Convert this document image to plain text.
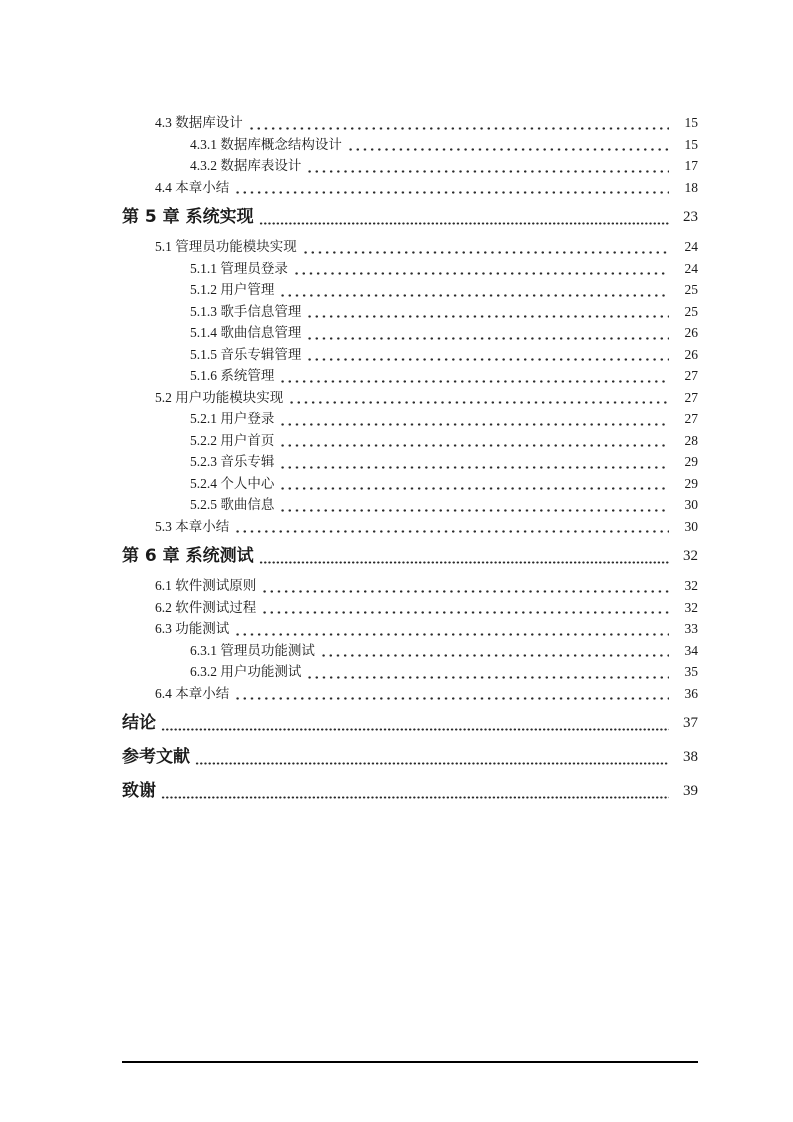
4.3 数据库设计	15
4.3.1 数据库概念结构设计	15
4.3.2 数据库表设计	17
4.4 本章小结	18
第 5 章 系统实现	23
5.1 管理员功能模块实现	24
5.1.1 管理员登录	24
5.1.2 用户管理	25
5.1.3 歌手信息管理	25
5.1.4 歌曲信息管理	26
5.1.5 音乐专辑管理	26
5.1.6 系统管理	27
5.2 用户功能模块实现	27
5.2.1 用户登录	27
5.2.2 用户首页	28
5.2.3 音乐专辑	29
5.2.4 个人中心	29
5.2.5 歌曲信息	30
5.3 本章小结	30
第 6 章 系统测试	32
6.1 软件测试原则	32
6.2 软件测试过程	32
6.3 功能测试	33
6.3.1 管理员功能测试	34
6.3.2 用户功能测试	35
6.4 本章小结	36
结论	37
参考文献	38
致谢	39
